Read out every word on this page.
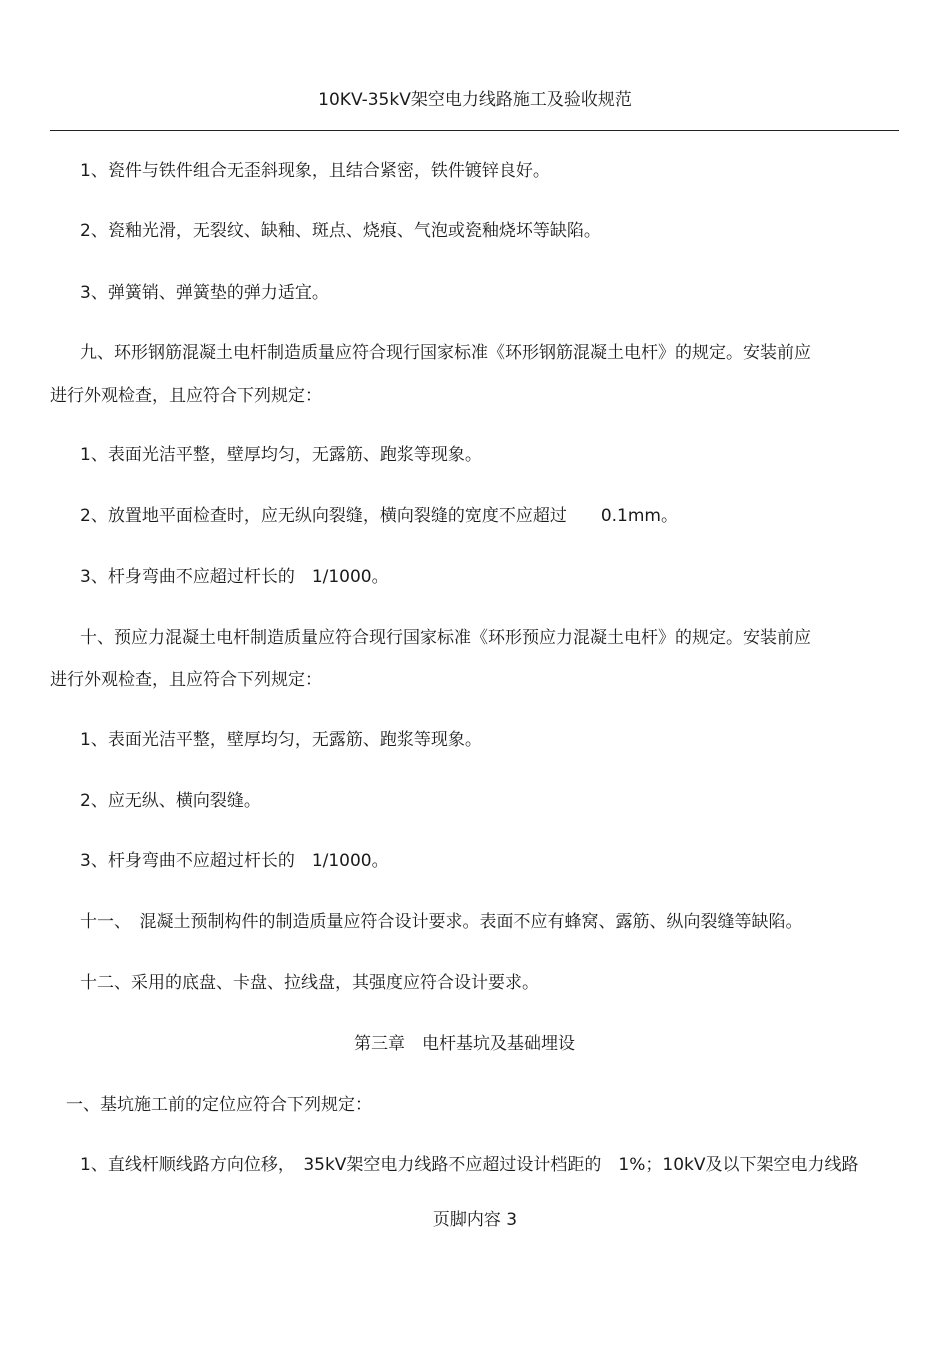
10KV-35kV架空电力线路施工及验收规范
1、瓷件与铁件组合无歪斜现象，且结合紧密，铁件镀锌良好。
2、瓷釉光滑，无裂纹、缺釉、斑点、烧痕、气泡或瓷釉烧坏等缺陷。
3、弹簧销、弹簧垫的弹力适宜。
九、环形钢筋混凝土电杆制造质量应符合现行国家标准《环形钢筋混凝土电杆》的规定。安装前应
进行外观检查，且应符合下列规定：
1、表面光洁平整，壁厚均匀，无露筋、跑浆等现象。
2、放置地平面检查时，应无纵向裂缝，横向裂缝的宽度不应超过　　0.1mm。
3、杆身弯曲不应超过杆长的　1/1000。
十、预应力混凝土电杆制造质量应符合现行国家标准《环形预应力混凝土电杆》的规定。安装前应
进行外观检查，且应符合下列规定：
1、表面光洁平整，壁厚均匀，无露筋、跑浆等现象。
2、应无纵、横向裂缝。
3、杆身弯曲不应超过杆长的　1/1000。
十一、　混凝土预制构件的制造质量应符合设计要求。表面不应有蜂窝、露筋、纵向裂缝等缺陷。
十二、采用的底盘、卡盘、拉线盘，其强度应符合设计要求。
第三章　电杆基坑及基础埋设
一、基坑施工前的定位应符合下列规定：
1、直线杆顺线路方向位移，　35kV架空电力线路不应超过设计档距的　1%；10kV及以下架空电力线路
页脚内容 3
